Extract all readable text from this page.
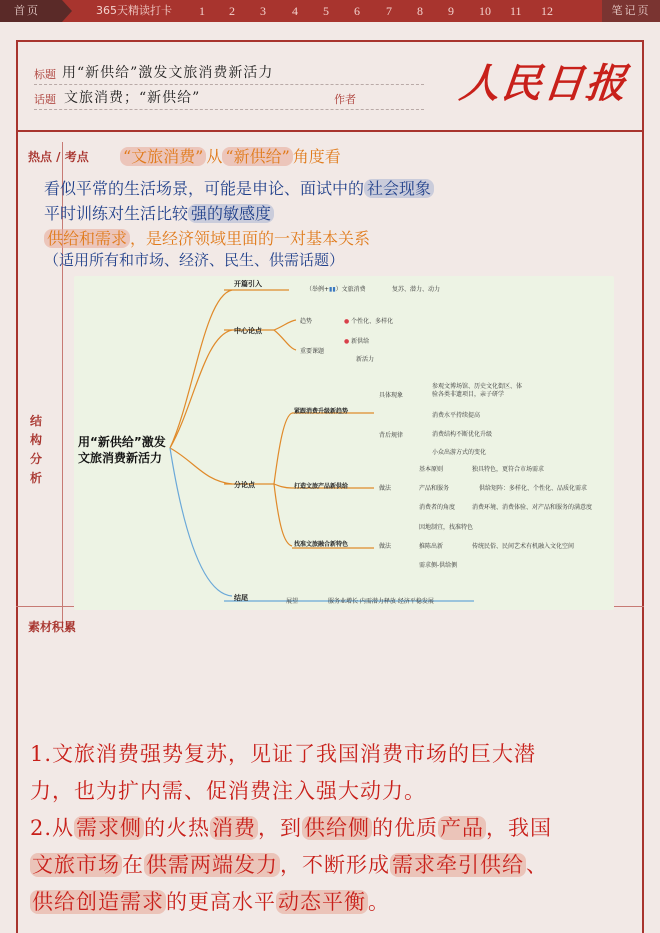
首页	365天精读打卡 1 2 3 4 5 6 7 8 9 10 11 12	笔记页
标题 用“新供给”激发文旅消费新活力
话题 文旅消费；“新供给”	作者	人民日报
热点 / 考点 “文旅消费” 从 “新供给” 角度看
看似平常的生活场景，可能是申论、面试中的 社会现象
平时训练对生活比较 强的敏感度
供给和需求 ，是经济领域里面的一对基本关系
（适用所有和市场、经济、民生、供需话题）
结构分析
用“新供给”激发
文旅消费新活力
开篇引入
（举例+▮▮）文旅消费	复苏、潜力、动力
中心论点
趋势	● 个性化、多样化
重要课题
● 新供给
新活力
分论点
紧跟消费升级新趋势
具体现象
参观文博场馆、历史文化街区、体
验各类非遗项目，亲子研学
背后规律
消费水平持续提高
消费结构不断优化升级
小众出游方式的变化
打造文旅产品新供给	做法
基本原则	独具特色，更符合市场需求
产品和服务	供给矩阵：多样化、个性化、品质化需求
消费者的角度	消费环境、消费体验、对产品和服务的满意度
找准文旅融合新特色	做法
因地制宜，找准特色
推陈出新	传统民俗、民间艺术有机融入文化空间
需求侧-供给侧
结尾	展望	服务业增长 内需潜力释放 经济平稳发展
素材积累
1.文旅消费强势复苏，见证了我国消费市场的巨大潜
力，也为扩内需、促消费注入强大动力。
2.从需求侧的火热消费，到供给侧的优质产品，我国
文旅市场在供需两端发力，不断形成需求牵引供给、
供给创造需求的更高水平动态平衡。
